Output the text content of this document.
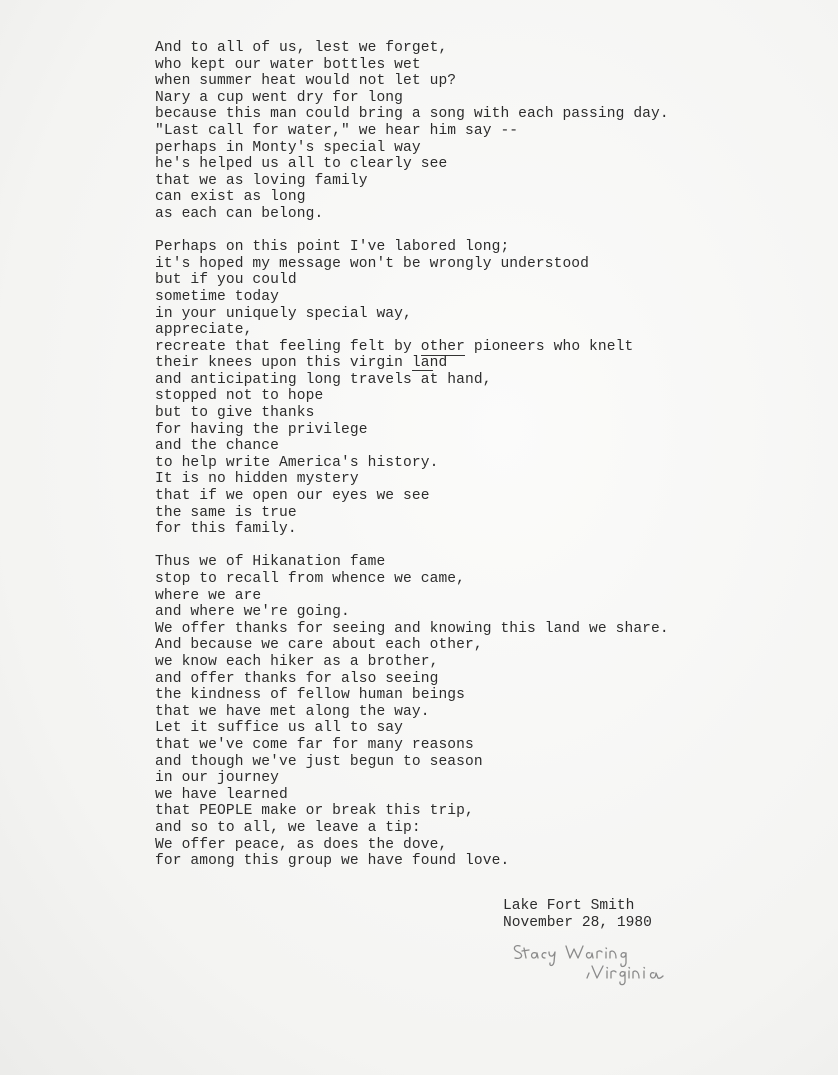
And to all of us, lest we forget,
who kept our water bottles wet
when summer heat would not let up?
Nary a cup went dry for long
because this man could bring a song with each passing day.
"Last call for water," we hear him say --
perhaps in Monty's special way
he's helped us all to clearly see
that we as loving family
can exist as long
as each can belong.
Perhaps on this point I've labored long;
it's hoped my message won't be wrongly understood
but if you could
sometime today
in your uniquely special way,
appreciate,
recreate that feeling felt by other pioneers who knelt
their knees upon this virgin land
and anticipating long travels at hand,
stopped not to hope
but to give thanks
for having the privilege
and the chance
to help write America's history.
It is no hidden mystery
that if we open our eyes we see
the same is true
for this family.
Thus we of Hikanation fame
stop to recall from whence we came,
where we are
and where we're going.
We offer thanks for seeing and knowing this land we share.
And because we care about each other,
we know each hiker as a brother,
and offer thanks for also seeing
the kindness of fellow human beings
that we have met along the way.
Let it suffice us all to say
that we've come far for many reasons
and though we've just begun to season
in our journey
we have learned
that PEOPLE make or break this trip,
and so to all, we leave a tip:
We offer peace, as does the dove,
for among this group we have found love.
Lake Fort Smith
November 28, 1980
